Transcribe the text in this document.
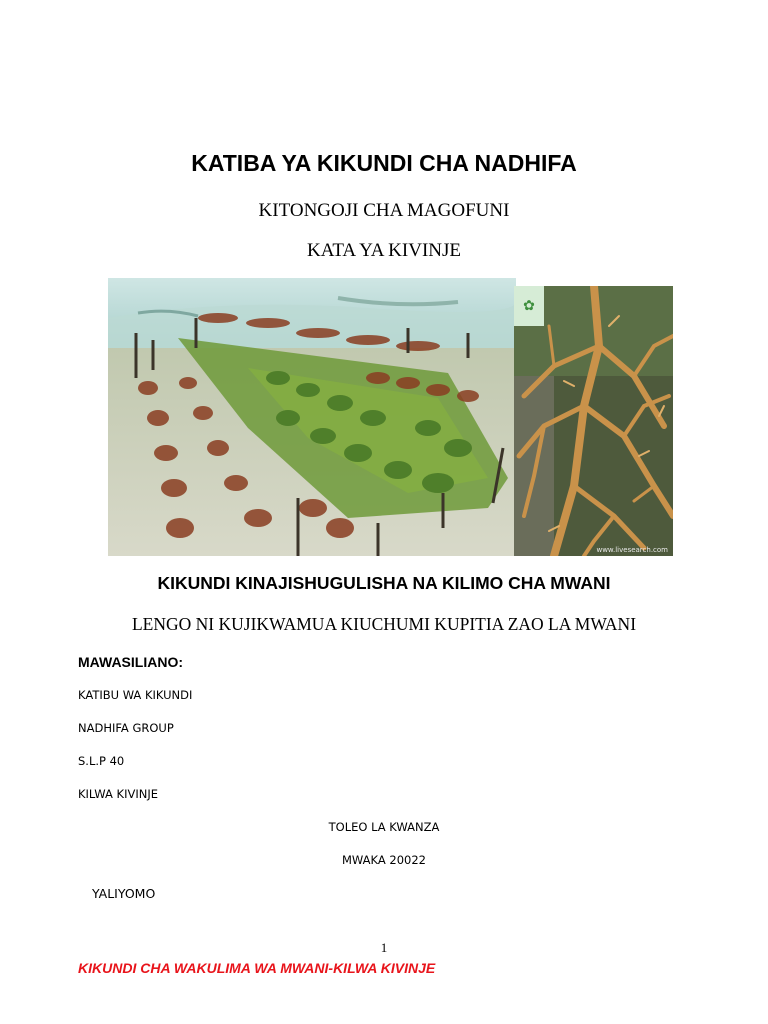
KATIBA YA KIKUNDI CHA NADHIFA
KITONGOJI CHA MAGOFUNI
KATA YA KIVINJE
✿
www.livesearch.com
KIKUNDI KINAJISHUGULISHA NA KILIMO CHA MWANI
LENGO NI KUJIKWAMUA KIUCHUMI KUPITIA ZAO LA MWANI
MAWASILIANO:
KATIBU WA KIKUNDI
NADHIFA GROUP
S.L.P 40
KILWA KIVINJE
TOLEO LA KWANZA
MWAKA 20022
YALIYOMO
1
KIKUNDI CHA WAKULIMA WA MWANI-KILWA KIVINJE
